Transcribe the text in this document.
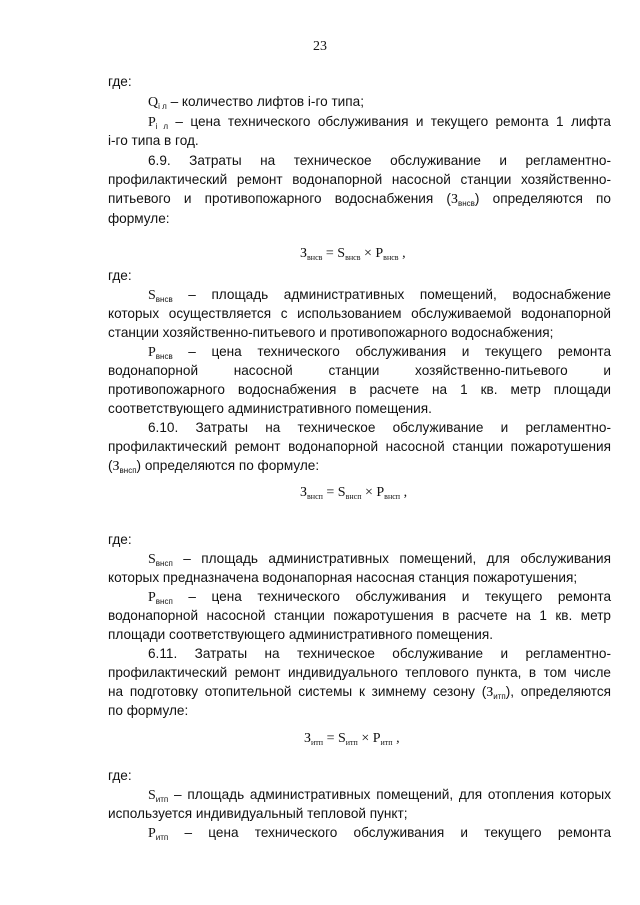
23
где:
$Q_{i л}$ – количество лифтов i-го типа;
$P_{i л}$ – цена технического обслуживания и текущего ремонта 1 лифта
i-го типа в год.
6.9. Затраты на техническое обслуживание и регламентно-
профилактический ремонт водонапорной насосной станции хозяйственно-
питьевого и противопожарного водоснабжения $(З_{внсв})$ определяются по
формуле:
где:
$S_{внсв}$ – площадь административных помещений, водоснабжение
которых осуществляется с использованием обслуживаемой водонапорной
станции хозяйственно-питьевого и противопожарного водоснабжения;
$P_{внсв}$ – цена технического обслуживания и текущего ремонта
водонапорной насосной станции хозяйственно-питьевого и
противопожарного водоснабжения в расчете на 1 кв. метр площади
соответствующего административного помещения.
6.10. Затраты на техническое обслуживание и регламентно-
профилактический ремонт водонапорной насосной станции пожаротушения
$(З_{внсп})$ определяются по формуле:
где:
$S_{внсп}$ – площадь административных помещений, для обслуживания
которых предназначена водонапорная насосная станция пожаротушения;
$P_{внсп}$ – цена технического обслуживания и текущего ремонта
водонапорной насосной станции пожаротушения в расчете на 1 кв. метр
площади соответствующего административного помещения.
6.11. Затраты на техническое обслуживание и регламентно-
профилактический ремонт индивидуального теплового пункта, в том числе
на подготовку отопительной системы к зимнему сезону $(З_{итп})$, определяются
по формуле:
где:
$S_{итп}$ – площадь административных помещений, для отопления которых
используется индивидуальный тепловой пункт;
$P_{итп}$ – цена технического обслуживания и текущего ремонта
$З_{внсв} = S_{внсв} \times P_{внсв}$ ,
$З_{внсп} = S_{внсп} \times P_{внсп}$ ,
$З_{итп} = S_{итп} \times P_{итп}$ ,
